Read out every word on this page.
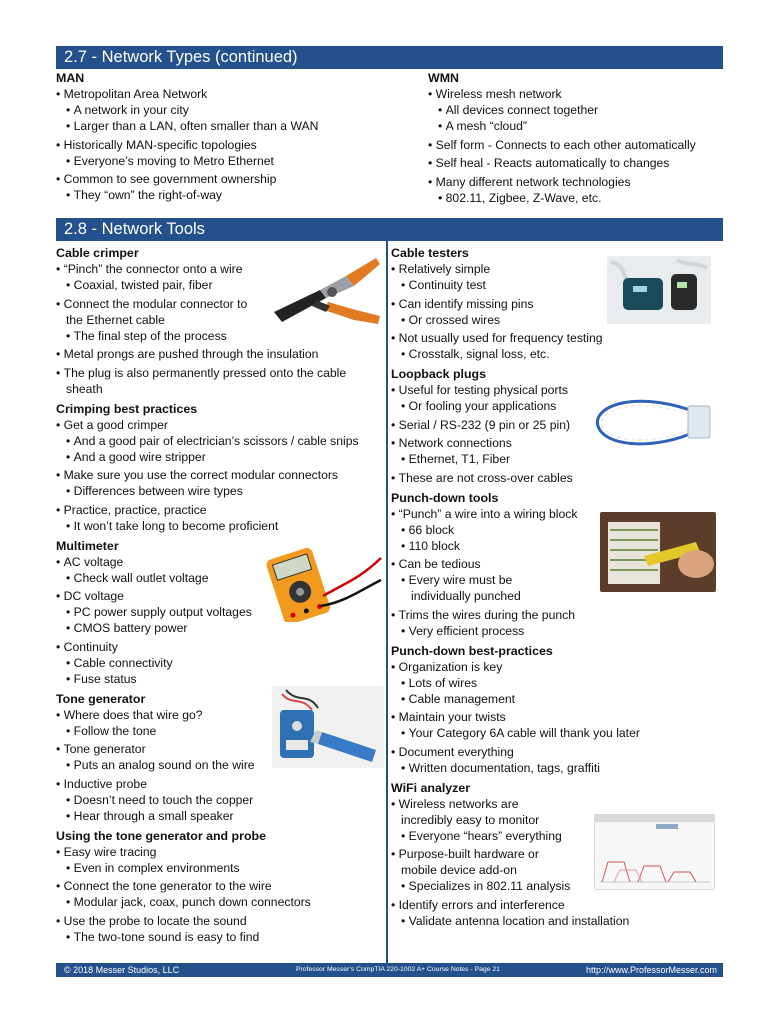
2.7 - Network Types (continued)
2.8 - Network Tools
MAN
• Metropolitan Area Network
• A network in your city
• Larger than a LAN, often smaller than a WAN
• Historically MAN-specific topologies
• Everyone’s moving to Metro Ethernet
• Common to see government ownership
• They “own” the right-of-way
WMN
• Wireless mesh network
• All devices connect together
• A mesh “cloud”
• Self form - Connects to each other automatically
• Self heal - Reacts automatically to changes
• Many different network technologies
• 802.11, Zigbee, Z-Wave, etc.
Cable crimper
• “Pinch” the connector onto a wire
• Coaxial, twisted pair, fiber
• Connect the modular connector to
the Ethernet cable
• The final step of the process
• Metal prongs are pushed through the insulation
• The plug is also permanently pressed onto the cable sheath
Crimping best practices
• Get a good crimper
• And a good pair of electrician’s scissors / cable snips
• And a good wire stripper
• Make sure you use the correct modular connectors
• Differences between wire types
• Practice, practice, practice
• It won’t take long to become proficient
Multimeter
• AC voltage
• Check wall outlet voltage
• DC voltage
• PC power supply output voltages
• CMOS battery power
• Continuity
• Cable connectivity
• Fuse status
Tone generator
• Where does that wire go?
• Follow the tone
• Tone generator
• Puts an analog sound on the wire
• Inductive probe
• Doesn’t need to touch the copper
• Hear through a small speaker
Using the tone generator and probe
• Easy wire tracing
• Even in complex environments
• Connect the tone generator to the wire
• Modular jack, coax, punch down connectors
• Use the probe to locate the sound
• The two-tone sound is easy to find
Cable testers
• Relatively simple
• Continuity test
• Can identify missing pins
• Or crossed wires
• Not usually used for frequency testing
• Crosstalk, signal loss, etc.
Loopback plugs
• Useful for testing physical ports
• Or fooling your applications
• Serial / RS-232 (9 pin or 25 pin)
• Network connections
• Ethernet, T1, Fiber
• These are not cross-over cables
Punch-down tools
• “Punch” a wire into a wiring block
• 66 block
• 110 block
• Can be tedious
• Every wire must be
individually punched
• Trims the wires during the punch
• Very efficient process
Punch-down best-practices
• Organization is key
• Lots of wires
• Cable management
• Maintain your twists
• Your Category 6A cable will thank you later
• Document everything
• Written documentation, tags, graffiti
WiFi analyzer
• Wireless networks are
incredibly easy to monitor
• Everyone “hears” everything
• Purpose-built hardware or
mobile device add-on
• Specializes in 802.11 analysis
• Identify errors and interference
• Validate antenna location and installation
© 2018 Messer Studios, LLC	Professor Messer’s CompTIA 220-1002 A+ Course Notes - Page 21	http://www.ProfessorMesser.com
